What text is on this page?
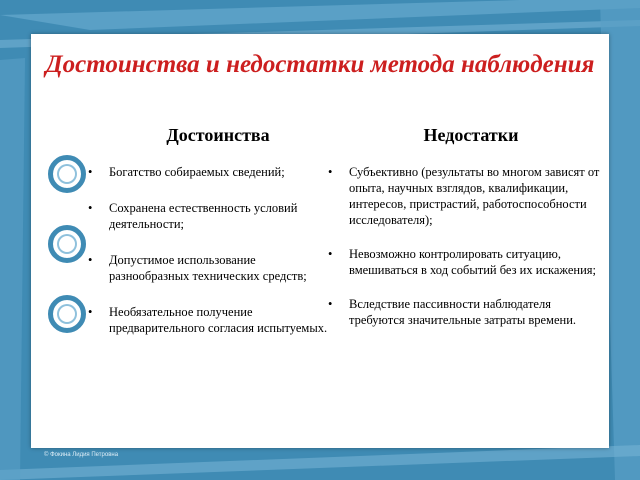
Достоинства и недостатки метода наблюдения
Достоинства	Недостатки
• Богатство собираемых сведений;
• Сохранена естественность условий деятельности;
• Допустимое использование разнообразных технических средств;
• Необязательное получение предварительного согласия испытуемых.
• Субъективно (результаты во многом зависят от опыта, научных взглядов, квалификации, интересов, пристрастий, работоспособности исследователя);
• Невозможно контролировать ситуацию, вмешиваться в ход событий без их искажения;
• Вследствие пассивности наблюдателя требуются значительные затраты времени.
© Фокина Лидия Петровна
